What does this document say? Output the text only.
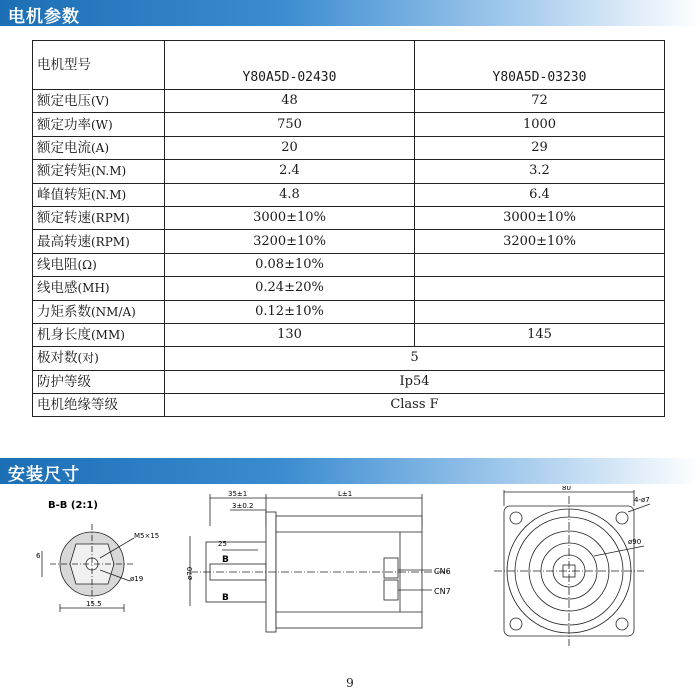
电机参数
电机型号	Y80A5D-02430	Y80A5D-03230
额定电压(V)	48	72
额定功率(W)	750	1000
额定电流(A)	20	29
额定转矩(N.M)	2.4	3.2
峰值转矩(N.M)	4.8	6.4
额定转速(RPM)	3000±10%	3000±10%
最高转速(RPM)	3200±10%	3200±10%
线电阻(Ω)	0.08±10%	
线电感(MH)	0.24±20%	
力矩系数(NM/A)	0.12±10%	
机身长度(MM)	130	145
极对数(对)	5	
防护等级	Ip54	
电机绝缘等级	Class F	
安装尺寸
B-B (2:1)
M5×15
ø19
6
15.5
35±1
3±0.2
L±1
25
ø70
B
B
CN6
CN7
80
4-ø7
ø90
9
